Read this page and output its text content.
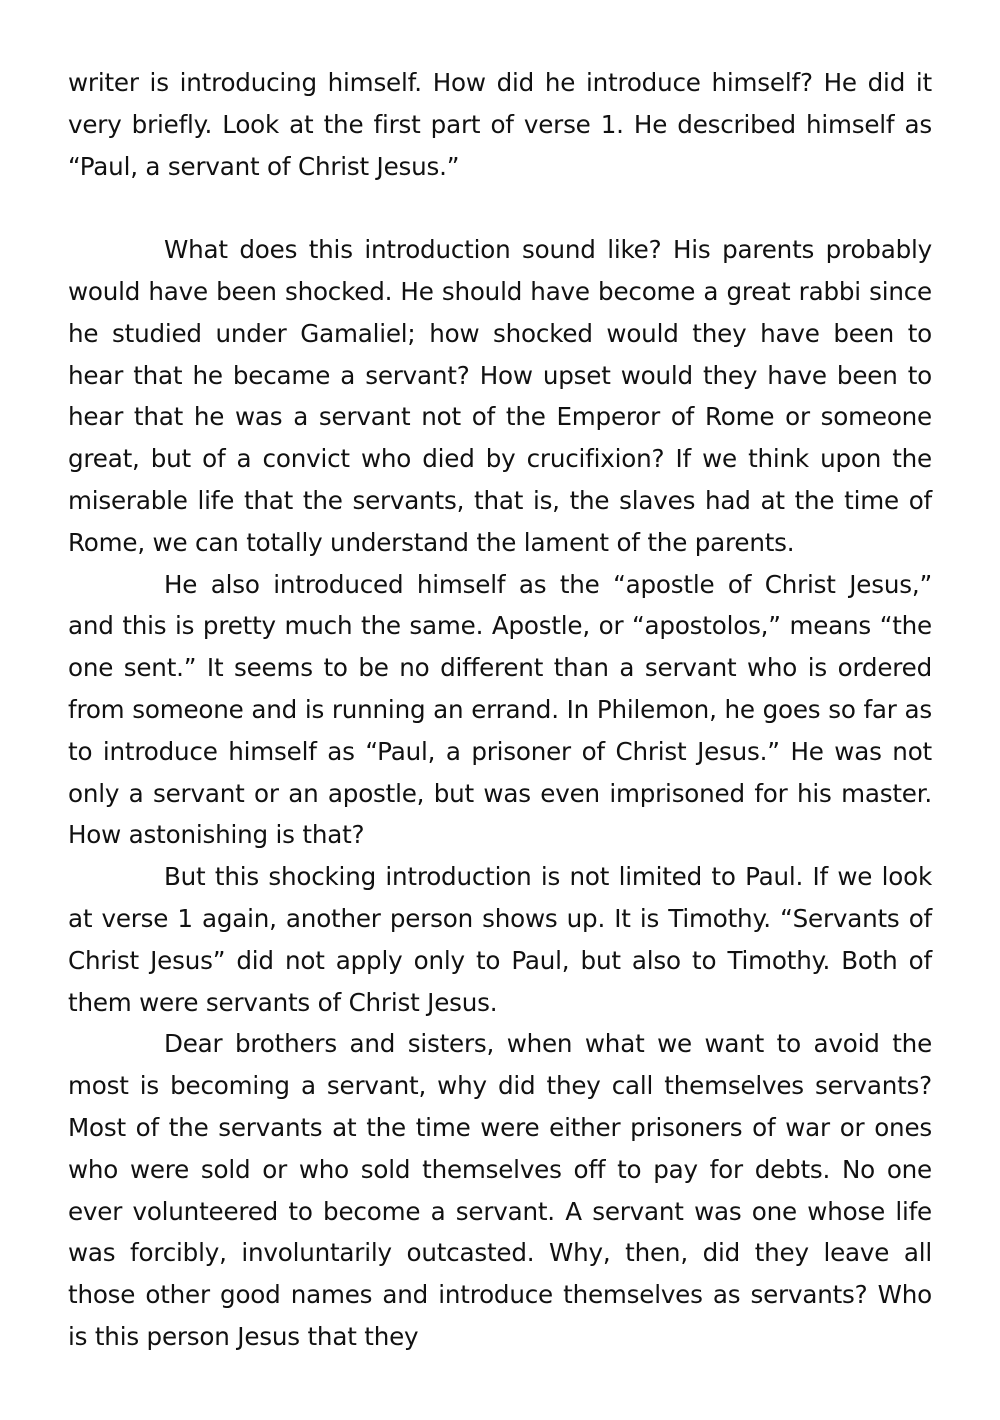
writer is introducing himself. How did he introduce himself? He did it very briefly. Look at the first part of verse 1. He described himself as “Paul, a servant of Christ Jesus.”

What does this introduction sound like? His parents probably would have been shocked. He should have become a great rabbi since he studied under Gamaliel; how shocked would they have been to hear that he became a servant? How upset would they have been to hear that he was a servant not of the Emperor of Rome or someone great, but of a convict who died by crucifixion? If we think upon the miserable life that the servants, that is, the slaves had at the time of Rome, we can totally understand the lament of the parents.

He also introduced himself as the “apostle of Christ Jesus,” and this is pretty much the same. Apostle, or “apostolos,” means “the one sent.” It seems to be no different than a servant who is ordered from someone and is running an errand. In Philemon, he goes so far as to introduce himself as “Paul, a prisoner of Christ Jesus.” He was not only a servant or an apostle, but was even imprisoned for his master. How astonishing is that?

But this shocking introduction is not limited to Paul. If we look at verse 1 again, another person shows up. It is Timothy. “Servants of Christ Jesus” did not apply only to Paul, but also to Timothy. Both of them were servants of Christ Jesus.

Dear brothers and sisters, when what we want to avoid the most is becoming a servant, why did they call themselves servants? Most of the servants at the time were either prisoners of war or ones who were sold or who sold themselves off to pay for debts. No one ever volunteered to become a servant. A servant was one whose life was forcibly, involuntarily outcasted. Why, then, did they leave all those other good names and introduce themselves as servants? Who is this person Jesus that they
